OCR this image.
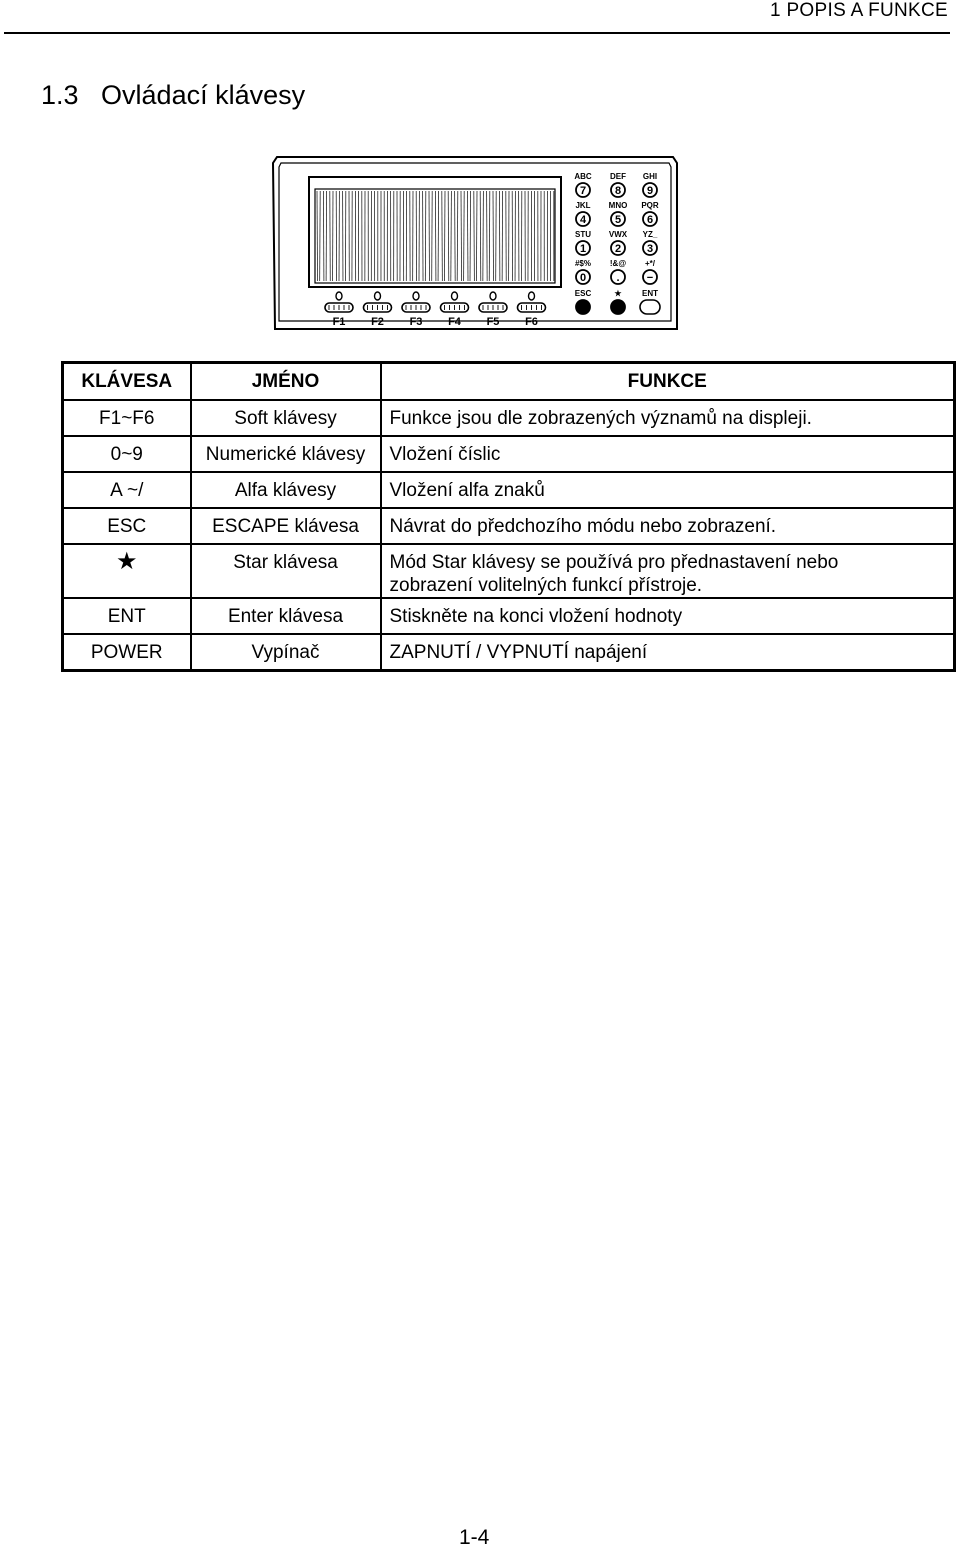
1 POPIS A FUNKCE
1.3   Ovládací klávesy
F1 F2 F3 F4 F5 F6
ABC
7
DEF
8
GHI
9
JKL
4
MNO
5
PQR
6
STU
1
VWX
2
YZ_
3
#$%
0
!&@
.
+*/
−
ESC	★	ENT
KLÁVESA	JMÉNO	FUNKCE
F1~F6	Soft klávesy	Funkce jsou dle zobrazených významů na displeji.
0~9	Numerické klávesy	Vložení číslic
A ~/	Alfa klávesy	Vložení alfa znaků
ESC	ESCAPE klávesa	Návrat do předchozího módu nebo zobrazení.
★	Star klávesa	Mód Star klávesy se používá pro přednastavení nebo
zobrazení volitelných funkcí přístroje.

ENT	Enter klávesa	Stiskněte na konci vložení hodnoty
POWER	Vypínač	ZAPNUTÍ / VYPNUTÍ napájení
1-4
